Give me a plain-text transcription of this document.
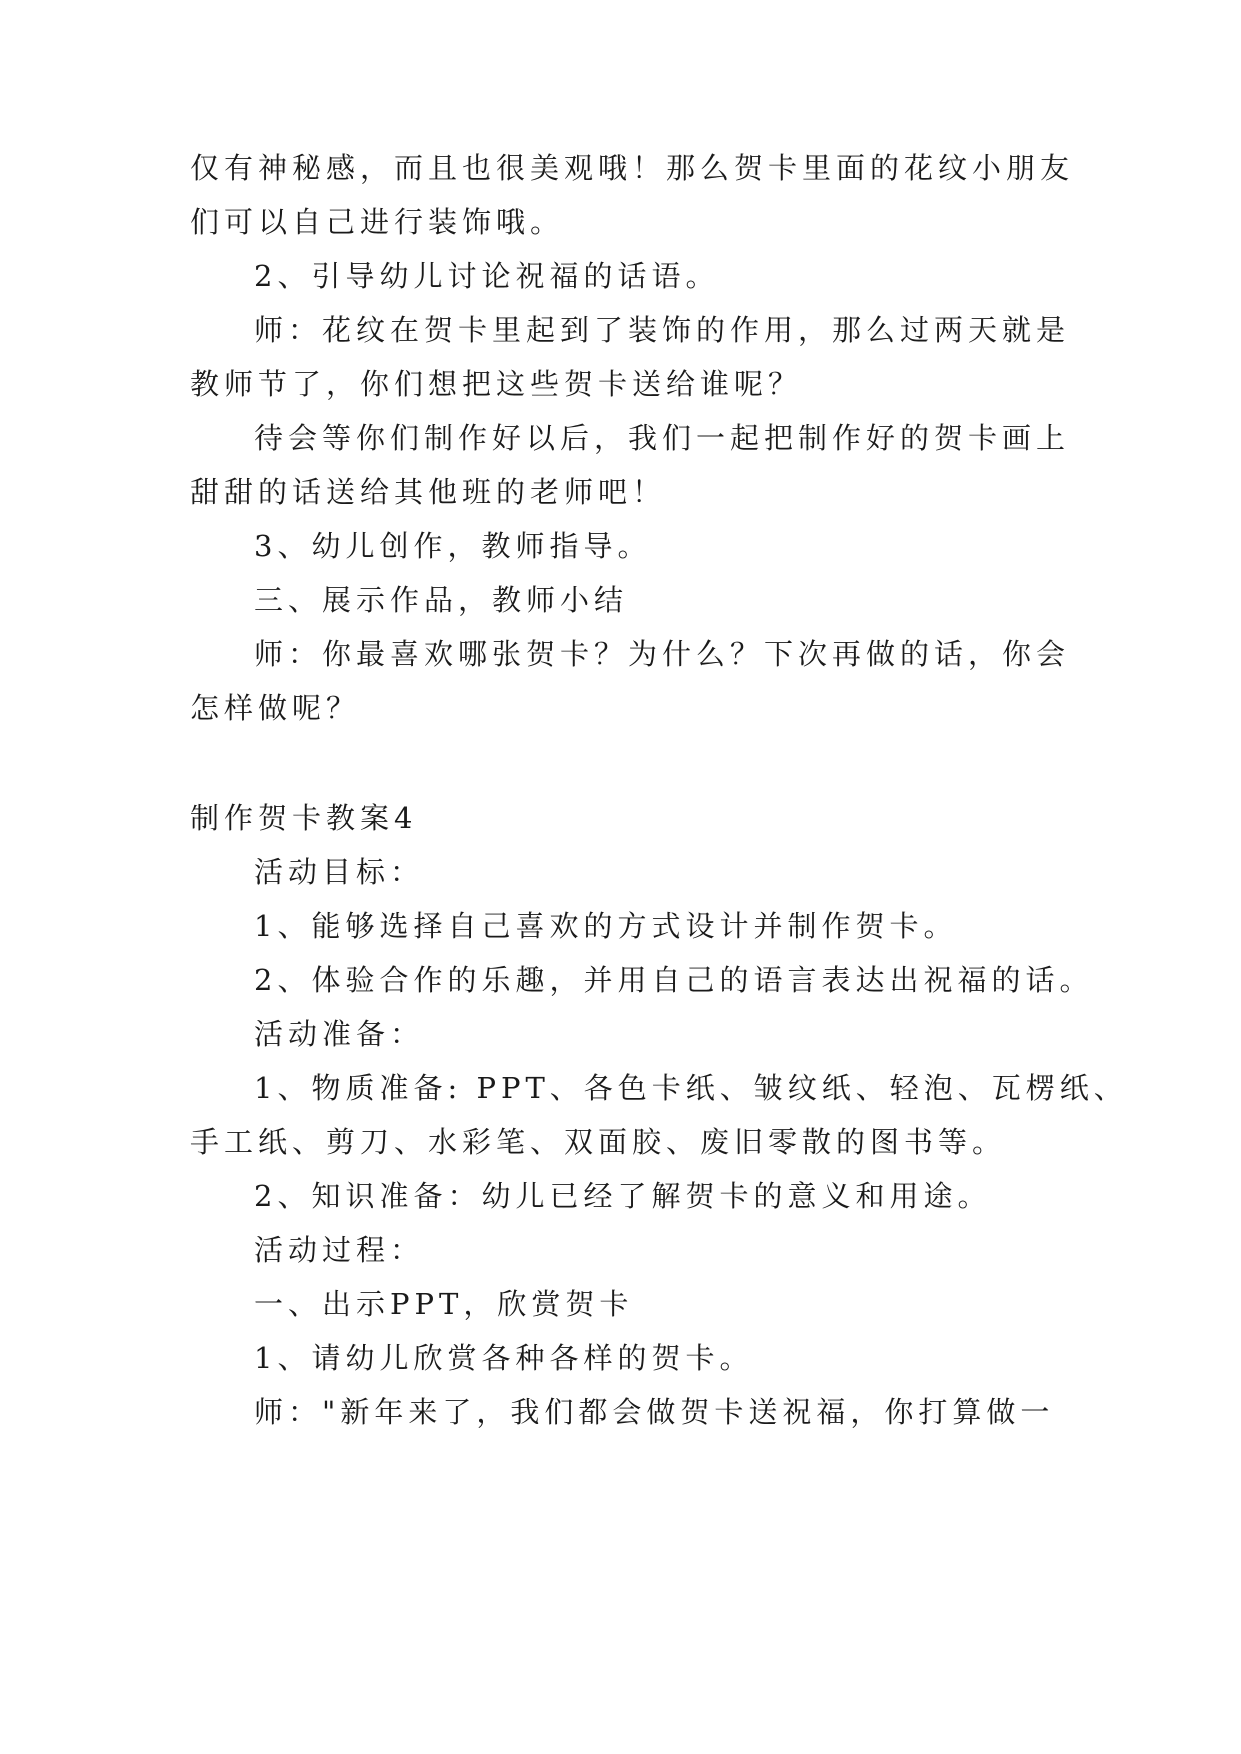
仅有神秘感，而且也很美观哦！那么贺卡里面的花纹小朋友
们可以自己进行装饰哦。
2、引导幼儿讨论祝福的话语。
师：花纹在贺卡里起到了装饰的作用，那么过两天就是
教师节了，你们想把这些贺卡送给谁呢？
待会等你们制作好以后，我们一起把制作好的贺卡画上
甜甜的话送给其他班的老师吧！
3、幼儿创作，教师指导。
三、展示作品，教师小结
师：你最喜欢哪张贺卡？为什么？下次再做的话，你会
怎样做呢？
制作贺卡教案4
活动目标：
1、能够选择自己喜欢的方式设计并制作贺卡。
2、体验合作的乐趣，并用自己的语言表达出祝福的话。
活动准备：
1、物质准备: PPT、各色卡纸、皱纹纸、轻泡、瓦楞纸、
手工纸、剪刀、水彩笔、双面胶、废旧零散的图书等。
2、知识准备：幼儿已经了解贺卡的意义和用途。
活动过程：
一、出示PPT，欣赏贺卡
1、请幼儿欣赏各种各样的贺卡。
师："新年来了，我们都会做贺卡送祝福，你打算做一
